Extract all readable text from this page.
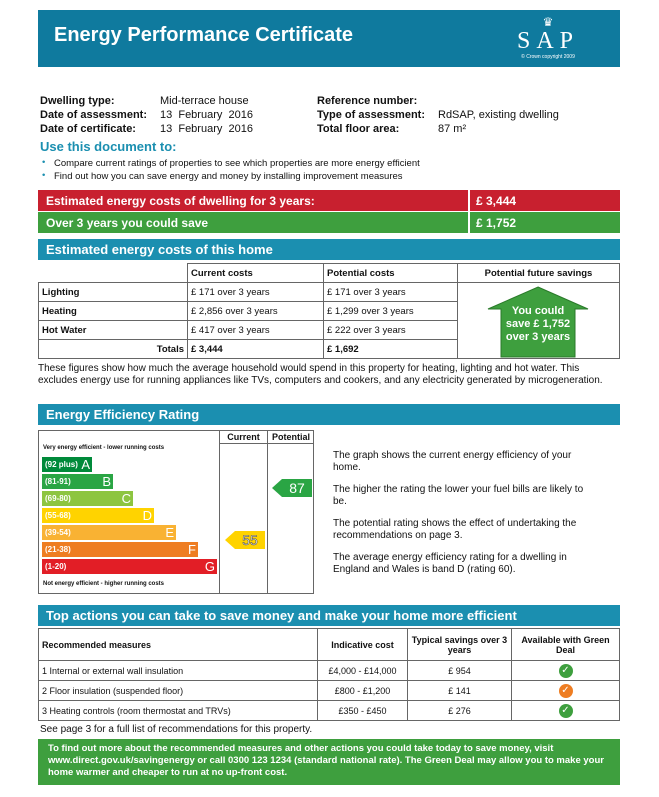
Energy Performance Certificate
♛
SAP
© Crown copyright 2009
Dwelling type:	Mid-terrace house
Date of assessment: 13  February  2016
Date of certificate: 13  February  2016
Reference number:
Type of assessment: RdSAP, existing dwelling
Total floor area:	87 m²
Use this document to:
• Compare current ratings of properties to see which properties are more energy efficient
• Find out how you can save energy and money by installing improvement measures
Estimated energy costs of dwelling for 3 years:	£ 3,444
Over 3 years you could save	£ 1,752
Estimated energy costs of this home
	Current costs	Potential costs	Potential future savings
Lighting	£ 171 over 3 years	£ 171 over 3 years	You could
save £ 1,752
over 3 years

Heating	£ 2,856 over 3 years	£ 1,299 over 3 years	
Hot Water	£ 417 over 3 years	£ 222 over 3 years	
Totals	£ 3,444	£ 1,692	
These figures show how much the average household would spend in this property for heating, lighting and hot water. This excludes energy use for running appliances like TVs, computers and cookers, and any electricity generated by microgeneration.
Energy Efficiency Rating
Current	Potential
Very energy efficient - lower running costs
(92 plus) A
(81-91) B
(69-80)	C
(55-68)	D
(39-54)	E
(21-38)	F
(1-20)	G
Not energy efficient - higher running costs
55
87

The graph shows the current energy efficiency of your home.

The higher the rating the lower your fuel bills are likely to be.

The potential rating shows the effect of undertaking the recommendations on page 3.

The average energy efficiency rating for a dwelling in England and Wales is band D (rating 60).

Top actions you can take to save money and make your home more efficient
Recommended measures	Indicative cost	Typical savings over 3 years	Available with Green Deal
1 Internal or external wall insulation	£4,000 - £14,000	£ 954	✓
2 Floor insulation (suspended floor)	£800 - £1,200	£ 141	✓
3 Heating controls (room thermostat and TRVs)	£350 - £450	£ 276	✓
See page 3 for a full list of recommendations for this property.
To find out more about the recommended measures and other actions you could take today to save money, visit www.direct.gov.uk/savingenergy or call 0300 123 1234 (standard national rate). The Green Deal may allow you to make your home warmer and cheaper to run at no up-front cost.
